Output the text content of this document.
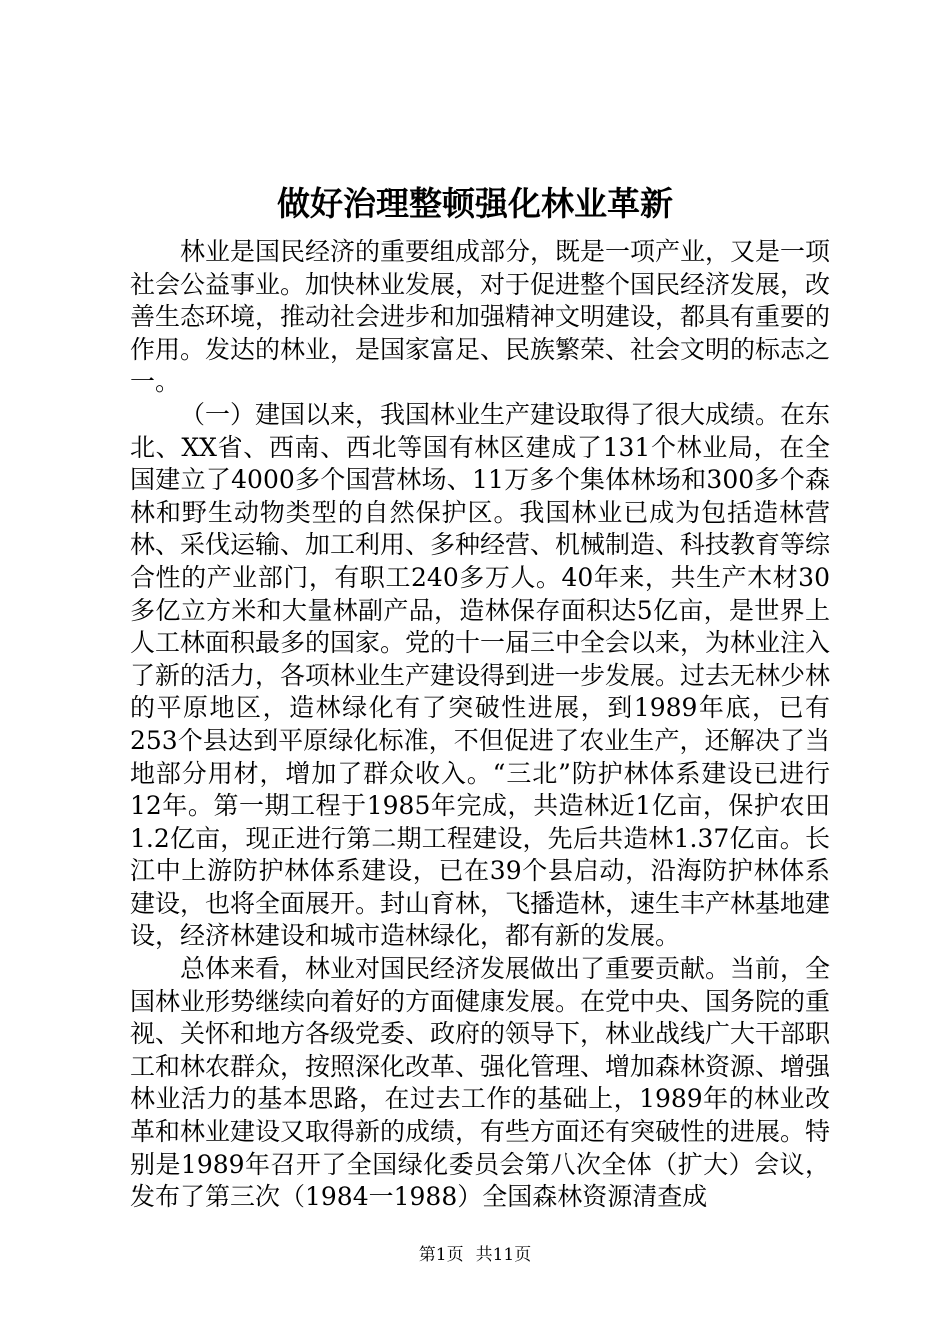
做好治理整顿强化林业革新

林业是国民经济的重要组成部分，既是一项产业，又是一项社会公益事业。加快林业发展，对于促进整个国民经济发展，改善生态环境，推动社会进步和加强精神文明建设，都具有重要的作用。发达的林业，是国家富足、民族繁荣、社会文明的标志之一。

（一）建国以来，我国林业生产建设取得了很大成绩。在东北、XX省、西南、西北等国有林区建成了131个林业局，在全国建立了4000多个国营林场、11万多个集体林场和300多个森林和野生动物类型的自然保护区。我国林业已成为包括造林营林、采伐运输、加工利用、多种经营、机械制造、科技教育等综合性的产业部门，有职工240多万人。40年来，共生产木材30多亿立方米和大量林副产品，造林保存面积达5亿亩，是世界上人工林面积最多的国家。党的十一届三中全会以来，为林业注入了新的活力，各项林业生产建设得到进一步发展。过去无林少林的平原地区，造林绿化有了突破性进展，到1989年底，已有253个县达到平原绿化标准，不但促进了农业生产，还解决了当地部分用材，增加了群众收入。“三北”防护林体系建设已进行12年。第一期工程于1985年完成，共造林近1亿亩，保护农田1.2亿亩，现正进行第二期工程建设，先后共造林1.37亿亩。长江中上游防护林体系建设，已在39个县启动，沿海防护林体系建设，也将全面展开。封山育林，飞播造林，速生丰产林基地建设，经济林建设和城市造林绿化，都有新的发展。

总体来看，林业对国民经济发展做出了重要贡献。当前，全国林业形势继续向着好的方面健康发展。在党中央、国务院的重视、关怀和地方各级党委、政府的领导下，林业战线广大干部职工和林农群众，按照深化改革、强化管理、增加森林资源、增强林业活力的基本思路，在过去工作的基础上，1989年的林业改革和林业建设又取得新的成绩，有些方面还有突破性的进展。特别是1989年召开了全国绿化委员会第八次全体（扩大）会议，发布了第三次（1984一1988）全国森林资源清查成

第1页 共11页
